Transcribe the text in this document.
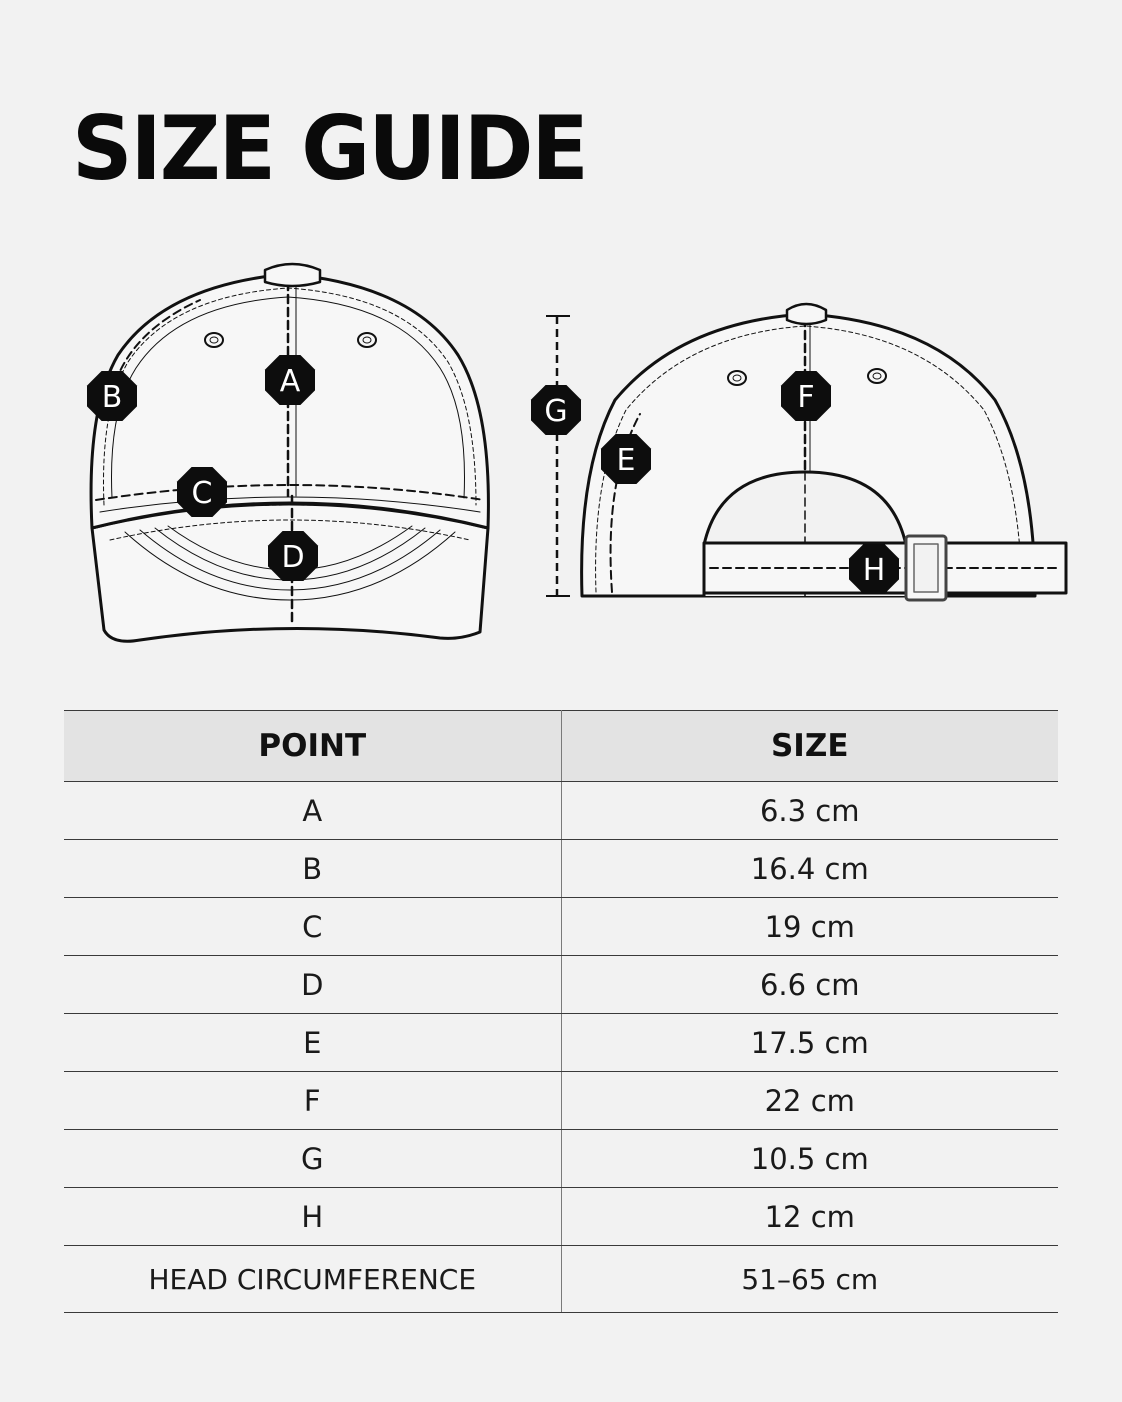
SIZE GUIDE
A
B
C
D
G
E
F
H
POINT	SIZE
A	6.3 cm
B	16.4 cm
C	19 cm
D	6.6 cm
E	17.5 cm
F	22 cm
G	10.5 cm
H	12 cm
HEAD CIRCUMFERENCE	51–65 cm
